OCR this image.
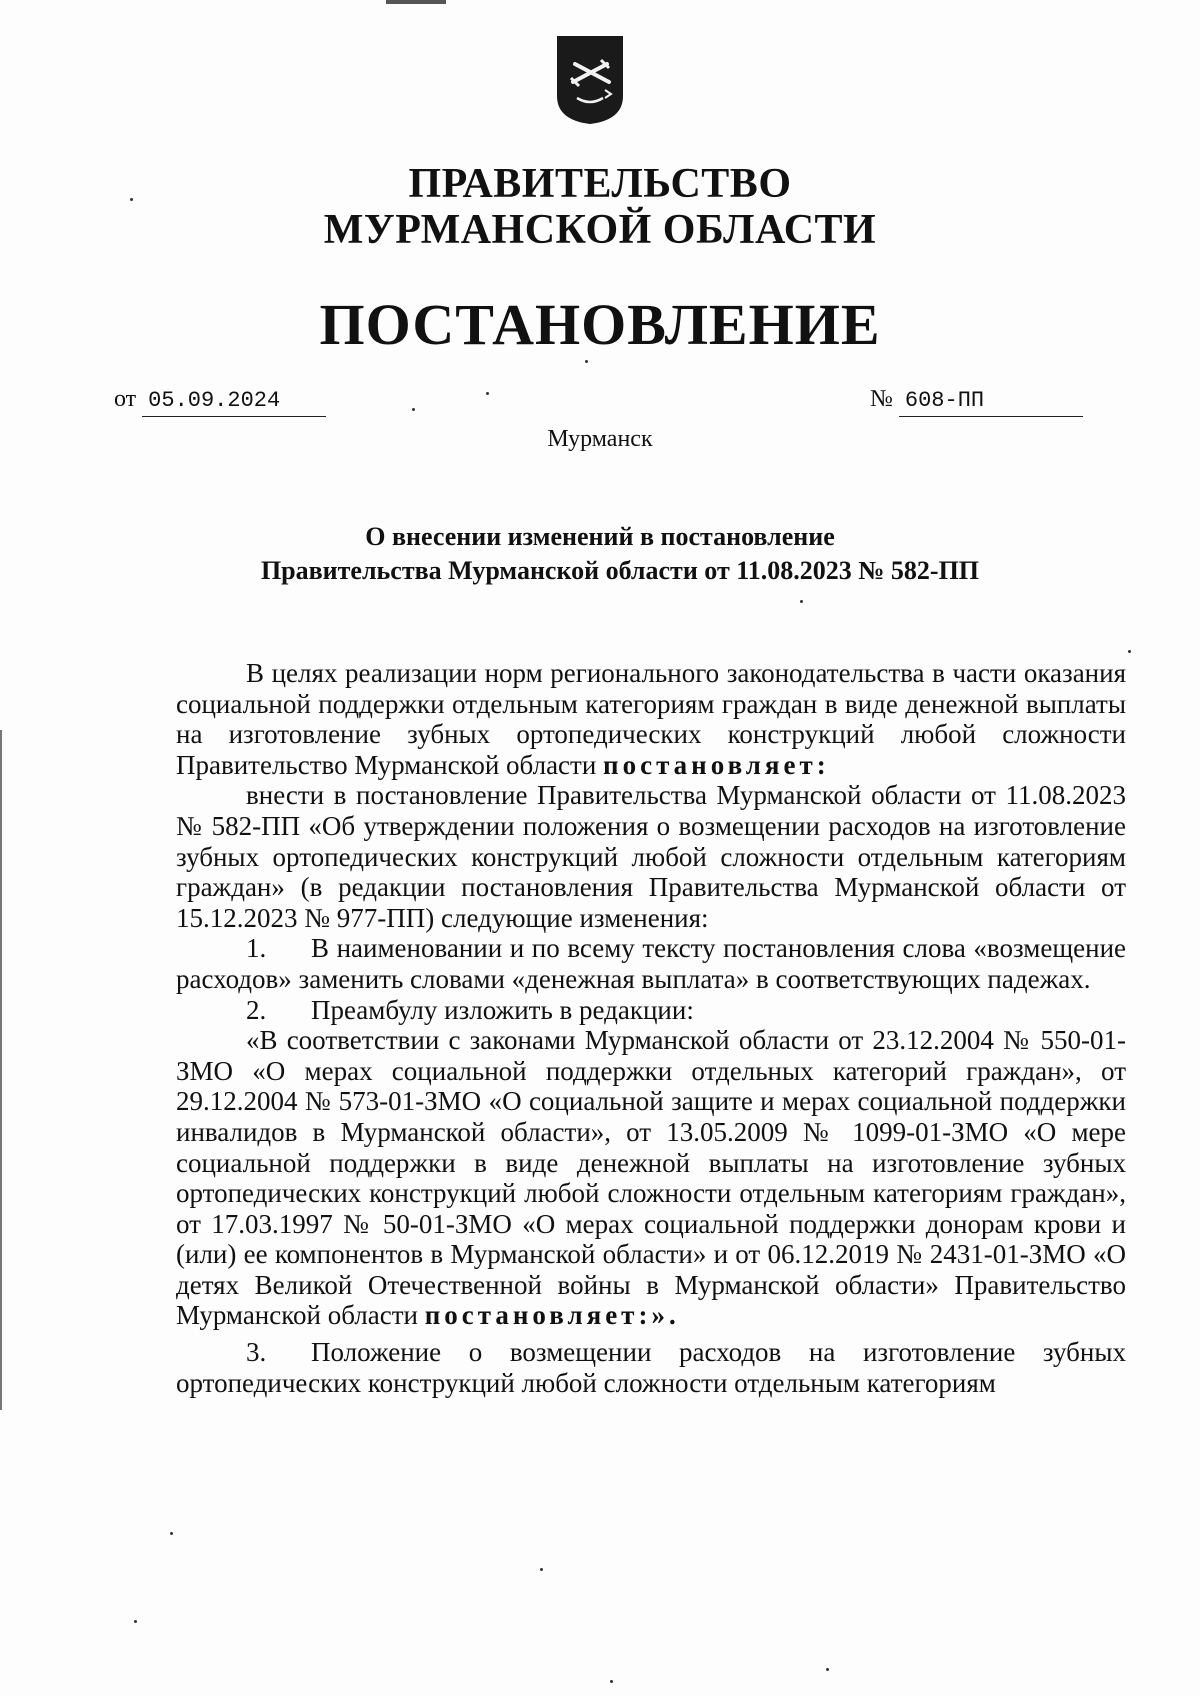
ПРАВИТЕЛЬСТВО
МУРМАНСКОЙ ОБЛАСТИ
ПОСТАНОВЛЕНИЕ
от 05.09.2024	№ 608-ПП
Мурманск
О внесении изменений в постановление
Правительства Мурманской области от 11.08.2023 № 582-ПП

В целях реализации норм регионального законодательства в части оказания социальной поддержки отдельным категориям граждан в виде денежной выплаты на изготовление зубных ортопедических конструкций любой сложности Правительство Мурманской области постановляет:

внести в постановление Правительства Мурманской области от 11.08.2023 № 582-ПП «Об утверждении положения о возмещении расходов на изготовление зубных ортопедических конструкций любой сложности отдельным категориям граждан» (в редакции постановления Правительства Мурманской области от 15.12.2023 № 977-ПП) следующие изменения:

1. В наименовании и по всему тексту постановления слова «возмещение расходов» заменить словами «денежная выплата» в соответствующих падежах.

2. Преамбулу изложить в редакции:

«В соответствии с законами Мурманской области от 23.12.2004 № 550-01-ЗМО «О мерах социальной поддержки отдельных категорий граждан», от 29.12.2004 № 573-01-ЗМО «О социальной защите и мерах социальной поддержки инвалидов в Мурманской области», от 13.05.2009 № 1099-01-ЗМО «О мере социальной поддержки в виде денежной выплаты на изготовление зубных ортопедических конструкций любой сложности отдельным категориям граждан», от 17.03.1997 № 50-01-ЗМО «О мерах социальной поддержки донорам крови и (или) ее компонентов в Мурманской области» и от 06.12.2019 № 2431-01-ЗМО «О детях Великой Отечественной войны в Мурманской области» Правительство Мурманской области постановляет:».

3. Положение о возмещении расходов на изготовление зубных ортопедических конструкций любой сложности отдельным категориям
